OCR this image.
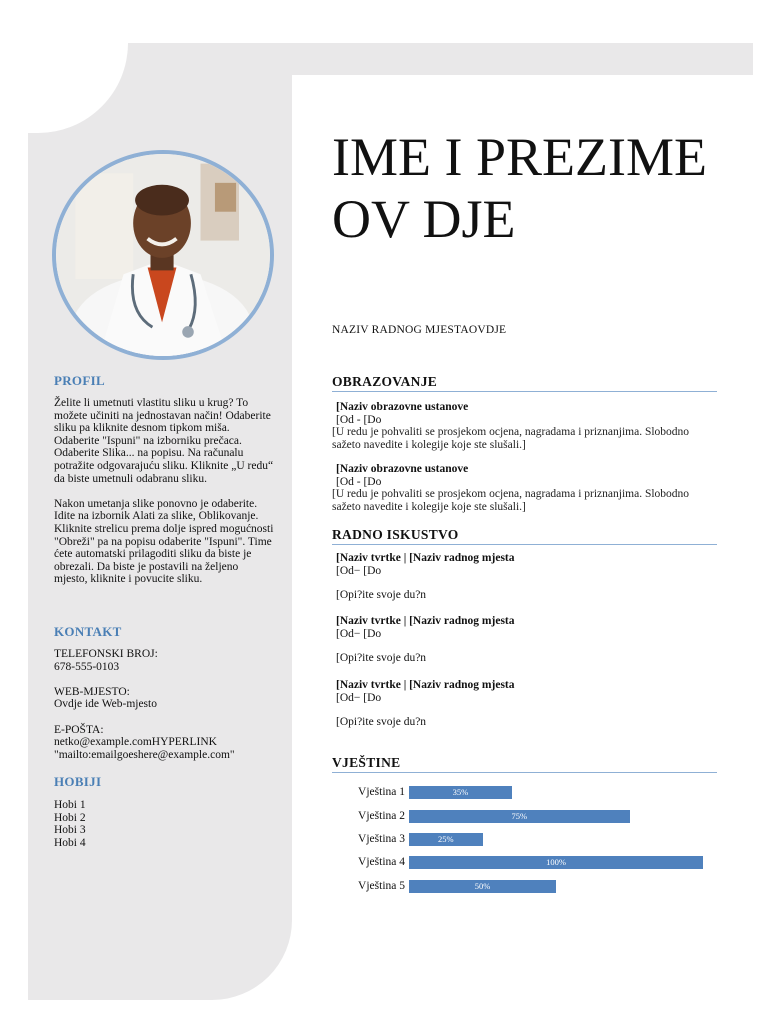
PROFIL

Želite li umetnuti vlastitu sliku u krug? To možete učiniti na jednostavan način! Odaberite sliku pa kliknite desnom tipkom miša. Odaberite "Ispuni" na izborniku prečaca. Odaberite Slika... na popisu. Na računalu potražite odgovarajuću sliku. Kliknite „U redu“ da biste umetnuli odabranu sliku.

Nakon umetanja slike ponovno je odaberite. Idite na izbornik Alati za slike, Oblikovanje. Kliknite strelicu prema dolje ispred mogućnosti "Obreži" pa na popisu odaberite "Ispuni". Time ćete automatski prilagoditi sliku da biste je obrezali. Da biste je postavili na željeno mjesto, kliknite i povucite sliku.

KONTAKT

TELEFONSKI BROJ:

678-555-0103

WEB-MJESTO:

Ovdje ide Web-mjesto

E-POŠTA:

netko@example.comHYPERLINK

"mailto:emailgoeshere@example.com"

HOBIJI

Hobi 1

Hobi 2

Hobi 3

Hobi 4

IME I PREZIMEOV DJE

NAZIV RADNOG MJESTAOVDJE

OBRAZOVANJE

[Naziv obrazovne ustanove

[Od - [Do

[U redu je pohvaliti se prosjekom ocjena, nagradama i priznanjima. Slobodno sažeto navedite i kolegije koje ste slušali.]

[Naziv obrazovne ustanove

[Od - [Do

[U redu je pohvaliti se prosjekom ocjena, nagradama i priznanjima. Slobodno sažeto navedite i kolegije koje ste slušali.]

RADNO ISKUSTVO

[Naziv tvrtke | [Naziv radnog mjesta

[Od− [Do

[Opi?ite svoje du?n

[Naziv tvrtke | [Naziv radnog mjesta

[Od− [Do

[Opi?ite svoje du?n

[Naziv tvrtke | [Naziv radnog mjesta

[Od− [Do

[Opi?ite svoje du?n

VJEŠTINE
Vještina 1	35%
Vještina 2	75%
Vještina 3	25%
Vještina 4	100%
Vještina 5	50%
